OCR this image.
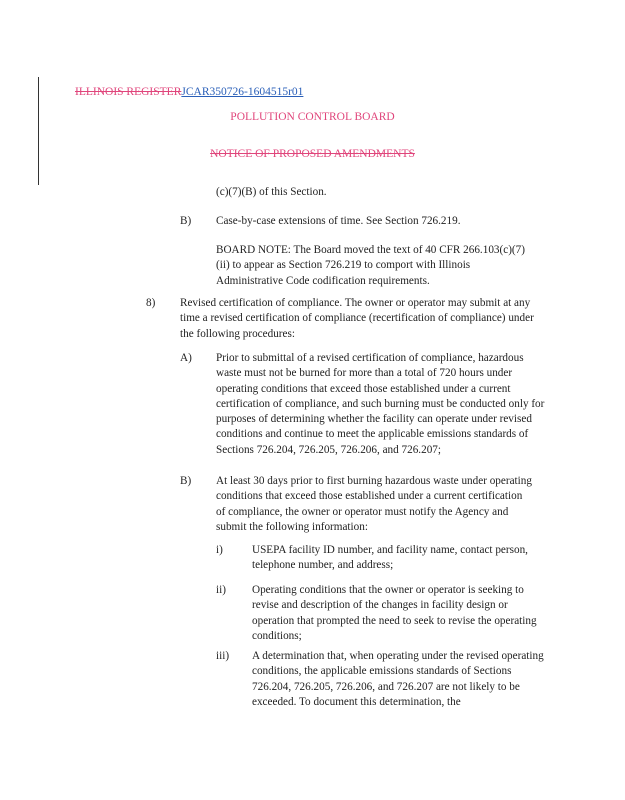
ILLINOIS REGISTERJCAR350726-1604515r01
POLLUTION CONTROL BOARD
NOTICE OF PROPOSED AMENDMENTS

(c)(7)(B) of this Section.

B) Case-by-case extensions of time. See Section 726.219.

BOARD NOTE: The Board moved the text of 40 CFR 266.103(c)(7)(ii) to appear as Section 726.219 to comport with Illinois Administrative Code codification requirements.

8) Revised certification of compliance. The owner or operator may submit at any time a revised certification of compliance (recertification of compliance) under the following procedures:

A) Prior to submittal of a revised certification of compliance, hazardous waste must not be burned for more than a total of 720 hours under operating conditions that exceed those established under a current certification of compliance, and such burning must be conducted only for purposes of determining whether the facility can operate under revised conditions and continue to meet the applicable emissions standards of Sections 726.204, 726.205, 726.206, and 726.207;

B) At least 30 days prior to first burning hazardous waste under operating conditions that exceed those established under a current certification of compliance, the owner or operator must notify the Agency and submit the following information:

i)	USEPA facility ID number, and facility name, contact person, telephone number, and address;

ii) Operating conditions that the owner or operator is seeking to revise and description of the changes in facility design or operation that prompted the need to seek to revise the operating conditions;

iii) A determination that, when operating under the revised operating conditions, the applicable emissions standards of Sections 726.204, 726.205, 726.206, and 726.207 are not likely to be exceeded. To document this determination, the
